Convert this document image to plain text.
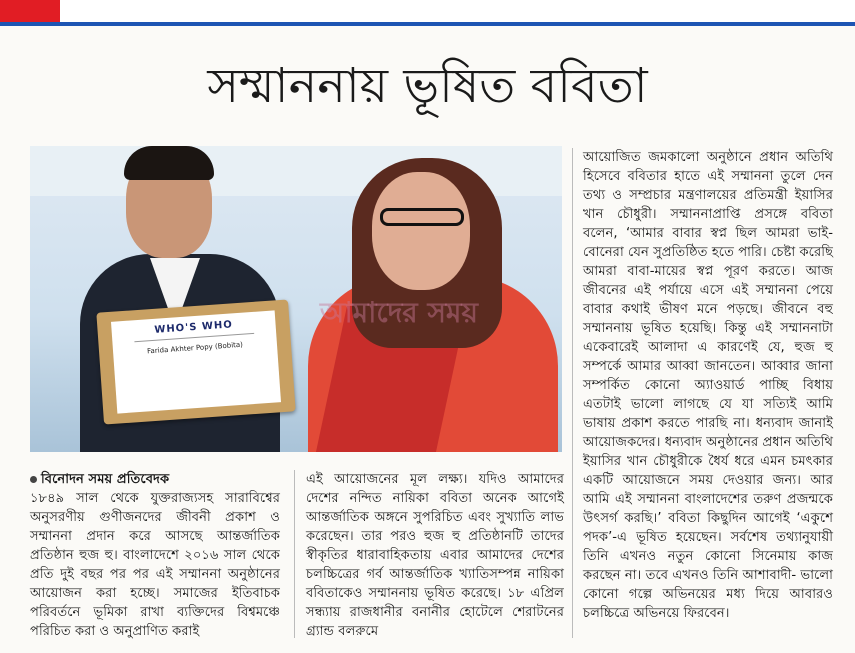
সম্মাননায় ভূষিত ববিতা
WHO'S WHO
Farida Akhter Popy (Bobita)
আমাদের সময়

বিনোদন সময় প্রতিবেদক
১৮৪৯ সাল থেকে যুক্তরাজ্যসহ সারাবিশ্বের অনুসরণীয় গুণীজনদের জীবনী প্রকাশ ও সম্মাননা প্রদান করে আসছে আন্তর্জাতিক প্রতিষ্ঠান হুজ হু। বাংলাদেশে ২০১৬ সাল থেকে প্রতি দুই বছর পর পর এই সম্মাননা অনুষ্ঠানের আয়োজন করা হচ্ছে। সমাজের ইতিবাচক পরিবর্তনে ভূমিকা রাখা ব্যক্তিদের বিশ্বমঞ্চে পরিচিত করা ও অনুপ্রাণিত করাই

এই আয়োজনের মূল লক্ষ্য। যদিও আমাদের দেশের নন্দিত নায়িকা ববিতা অনেক আগেই আন্তর্জাতিক অঙ্গনে সুপরিচিত এবং সুখ্যাতি লাভ করেছেন। তার পরও হুজ হু প্রতিষ্ঠানটি তাদের স্বীকৃতির ধারাবাহিকতায় এবার আমাদের দেশের চলচ্চিত্রের গর্ব আন্তর্জাতিক খ্যাতিসম্পন্ন নায়িকা ববিতাকেও সম্মাননায় ভূষিত করেছে। ১৮ এপ্রিল সন্ধ্যায় রাজধানীর বনানীর হোটেলে শেরাটনের গ্র্যান্ড বলরুমে

আয়োজিত জমকালো অনুষ্ঠানে প্রধান অতিথি হিসেবে ববিতার হাতে এই সম্মাননা তুলে দেন তথ্য ও সম্প্রচার মন্ত্রণালয়ের প্রতিমন্ত্রী ইয়াসির খান চৌধুরী। সম্মাননাপ্রাপ্তি প্রসঙ্গে ববিতা বলেন, ‘আমার বাবার স্বপ্ন ছিল আমরা ভাই-বোনেরা যেন সুপ্রতিষ্ঠিত হতে পারি। চেষ্টা করেছি আমরা বাবা-মায়ের স্বপ্ন পূরণ করতে। আজ জীবনের এই পর্যায়ে এসে এই সম্মাননা পেয়ে বাবার কথাই ভীষণ মনে পড়ছে। জীবনে বহু সম্মাননায় ভূষিত হয়েছি। কিন্তু এই সম্মাননাটা একেবারেই আলাদা এ কারণেই যে, হুজ হু সম্পর্কে আমার আব্বা জানতেন। আব্বার জানা সম্পর্কিত কোনো অ্যাওয়ার্ড পাচ্ছি বিধায় এতটাই ভালো লাগছে যে যা সত্যিই আমি ভাষায় প্রকাশ করতে পারছি না। ধন্যবাদ জানাই আয়োজকদের। ধন্যবাদ অনুষ্ঠানের প্রধান অতিথি ইয়াসির খান চৌধুরীকে ধৈর্য ধরে এমন চমৎকার একটি আয়োজনে সময় দেওয়ার জন্য। আর আমি এই সম্মাননা বাংলাদেশের তরুণ প্রজন্মকে উৎসর্গ করছি।’ ববিতা কিছুদিন আগেই ‘একুশে পদক’-এ ভূষিত হয়েছেন। সর্বশেষ তথ্যানুযায়ী তিনি এখনও নতুন কোনো সিনেমায় কাজ করছেন না। তবে এখনও তিনি আশাবাদী- ভালো কোনো গল্পে অভিনয়ের মধ্য দিয়ে আবারও চলচ্চিত্রে অভিনয়ে ফিরবেন।
